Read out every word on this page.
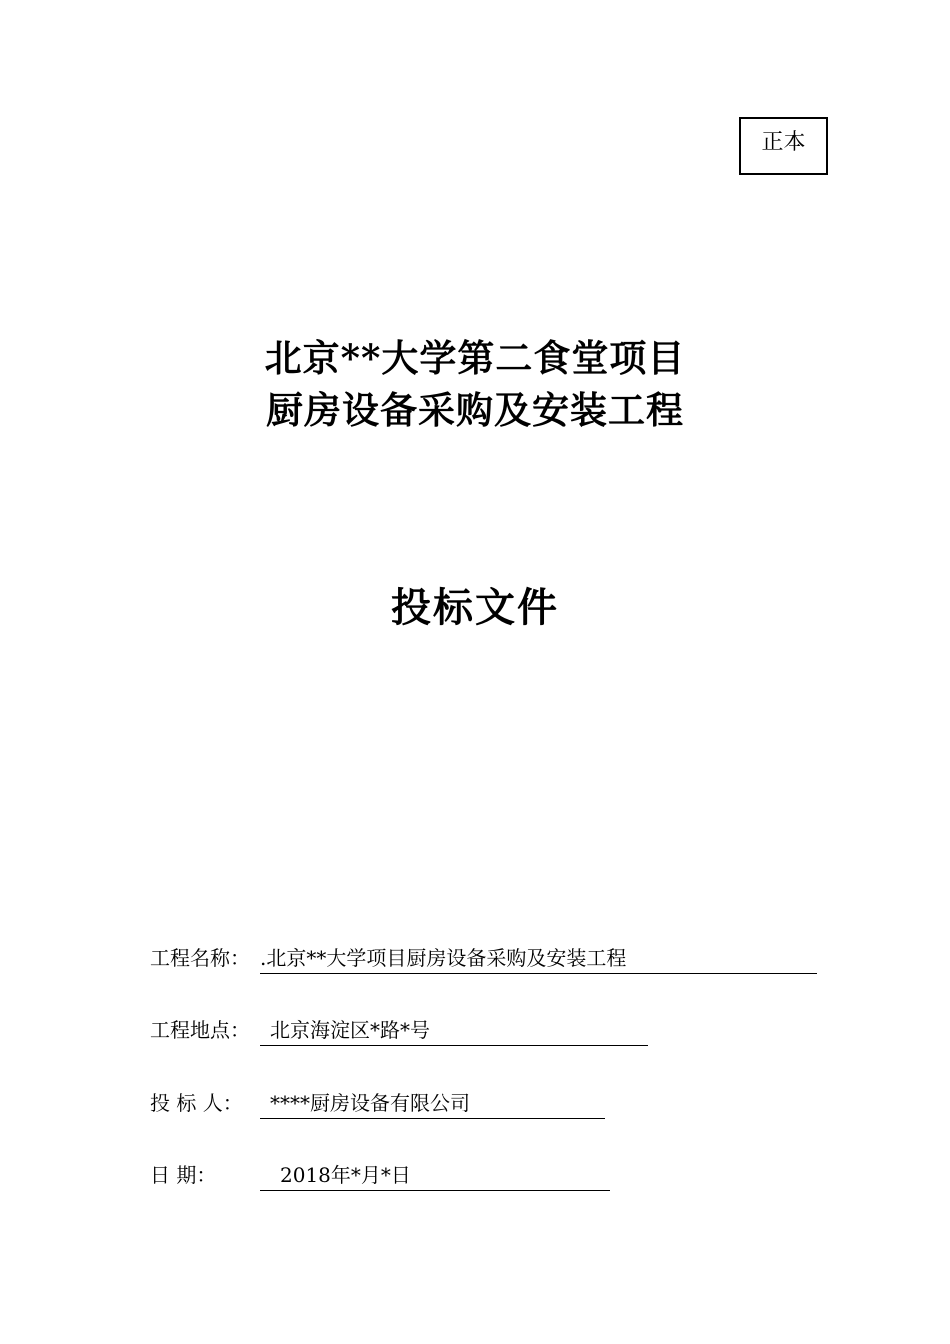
正本
北京**大学第二食堂项目
厨房设备采购及安装工程
投标文件
工程名称： .北京**大学项目厨房设备采购及安装工程
工程地点：	北京海淀区*路*号
投 标 人：	****厨房设备有限公司
日 期：	2018年*月*日
